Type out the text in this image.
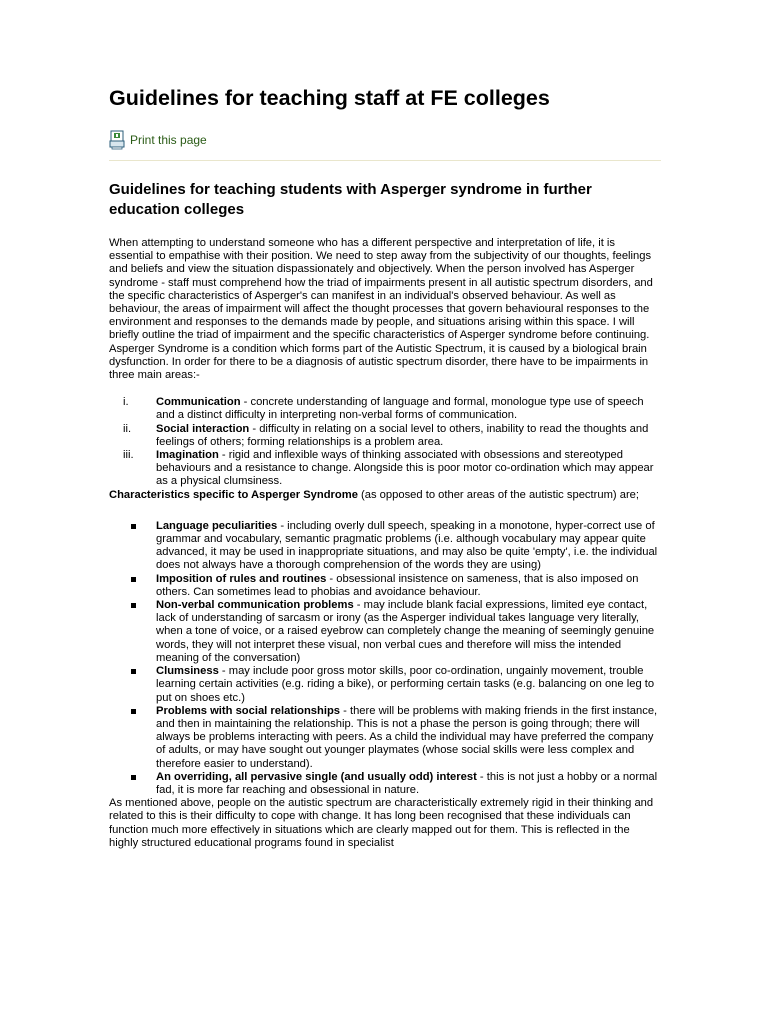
Guidelines for teaching staff at FE colleges
Print this page
Guidelines for teaching students with Asperger syndrome in further education colleges

When attempting to understand someone who has a different perspective and interpretation of life, it is essential to empathise with their position. We need to step away from the subjectivity of our thoughts, feelings and beliefs and view the situation dispassionately and objectively. When the person involved has Asperger syndrome - staff must comprehend how the triad of impairments present in all autistic spectrum disorders, and the specific characteristics of Asperger's can manifest in an individual's observed behaviour. As well as behaviour, the areas of impairment will affect the thought processes that govern behavioural responses to the environment and responses to the demands made by people, and situations arising within this space. I will briefly outline the triad of impairment and the specific characteristics of Asperger syndrome before continuing.

Asperger Syndrome is a condition which forms part of the Autistic Spectrum, it is caused by a biological brain dysfunction. In order for there to be a diagnosis of autistic spectrum disorder, there have to be impairments in three main areas:-

i.	Communication - concrete understanding of language and formal, monologue type use of speech and a distinct difficulty in interpreting non-verbal forms of communication.
ii.	Social interaction - difficulty in relating on a social level to others, inability to read the thoughts and feelings of others; forming relationships is a problem area.
iii.	Imagination - rigid and inflexible ways of thinking associated with obsessions and stereotyped behaviours and a resistance to change. Alongside this is poor motor co-ordination which may appear as a physical clumsiness.

Characteristics specific to Asperger Syndrome (as opposed to other areas of the autistic spectrum) are;

Language peculiarities - including overly dull speech, speaking in a monotone, hyper-correct use of grammar and vocabulary, semantic pragmatic problems (i.e. although vocabulary may appear quite advanced, it may be used in inappropriate situations, and may also be quite 'empty', i.e. the individual does not always have a thorough comprehension of the words they are using)
Imposition of rules and routines - obsessional insistence on sameness, that is also imposed on others. Can sometimes lead to phobias and avoidance behaviour.
Non-verbal communication problems - may include blank facial expressions, limited eye contact, lack of understanding of sarcasm or irony (as the Asperger individual takes language very literally, when a tone of voice, or a raised eyebrow can completely change the meaning of seemingly genuine words, they will not interpret these visual, non verbal cues and therefore will miss the intended meaning of the conversation)
Clumsiness - may include poor gross motor skills, poor co-ordination, ungainly movement, trouble learning certain activities (e.g. riding a bike), or performing certain tasks (e.g. balancing on one leg to put on shoes etc.)
Problems with social relationships - there will be problems with making friends in the first instance, and then in maintaining the relationship. This is not a phase the person is going through; there will always be problems interacting with peers. As a child the individual may have preferred the company of adults, or may have sought out younger playmates (whose social skills were less complex and therefore easier to understand).
An overriding, all pervasive single (and usually odd) interest - this is not just a hobby or a normal fad, it is more far reaching and obsessional in nature.

As mentioned above, people on the autistic spectrum are characteristically extremely rigid in their thinking and related to this is their difficulty to cope with change. It has long been recognised that these individuals can function much more effectively in situations which are clearly mapped out for them. This is reflected in the highly structured educational programs found in specialist
